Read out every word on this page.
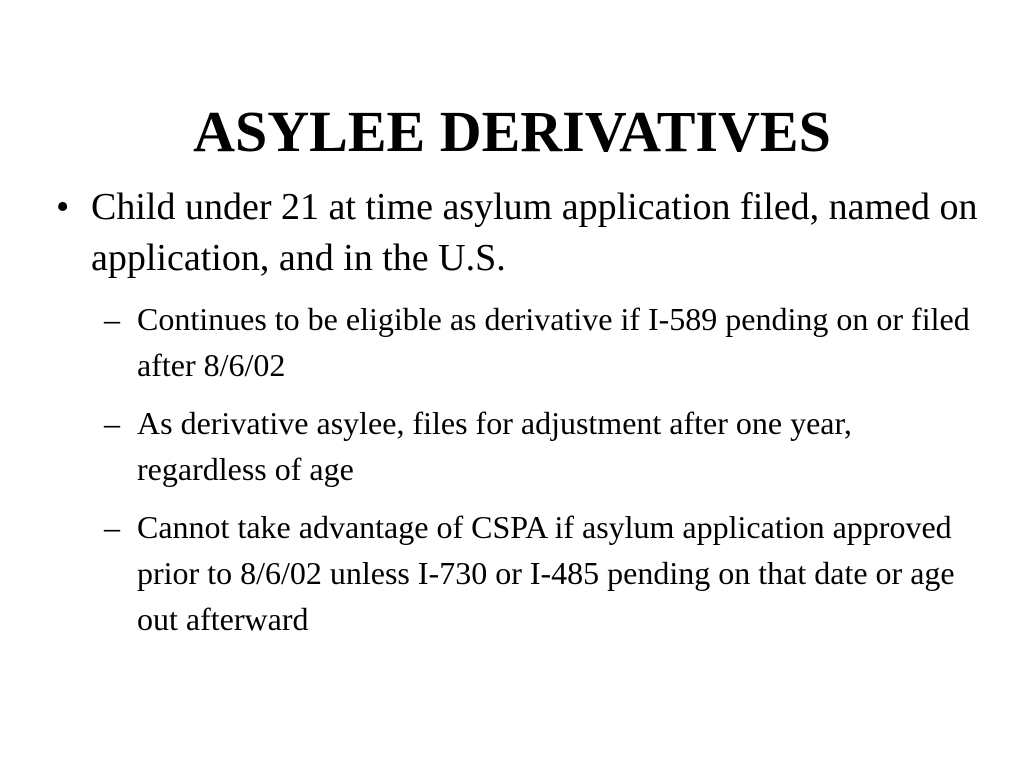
ASYLEE DERIVATIVES
• Child under 21 at time asylum application filed, named on application, and in the U.S.
– Continues to be eligible as derivative if I-589 pending on or filed after 8/6/02
– As derivative asylee, files for adjustment after one year, regardless of age
– Cannot take advantage of CSPA if asylum application approved prior to 8/6/02 unless I-730 or I-485 pending on that date or age out afterward
